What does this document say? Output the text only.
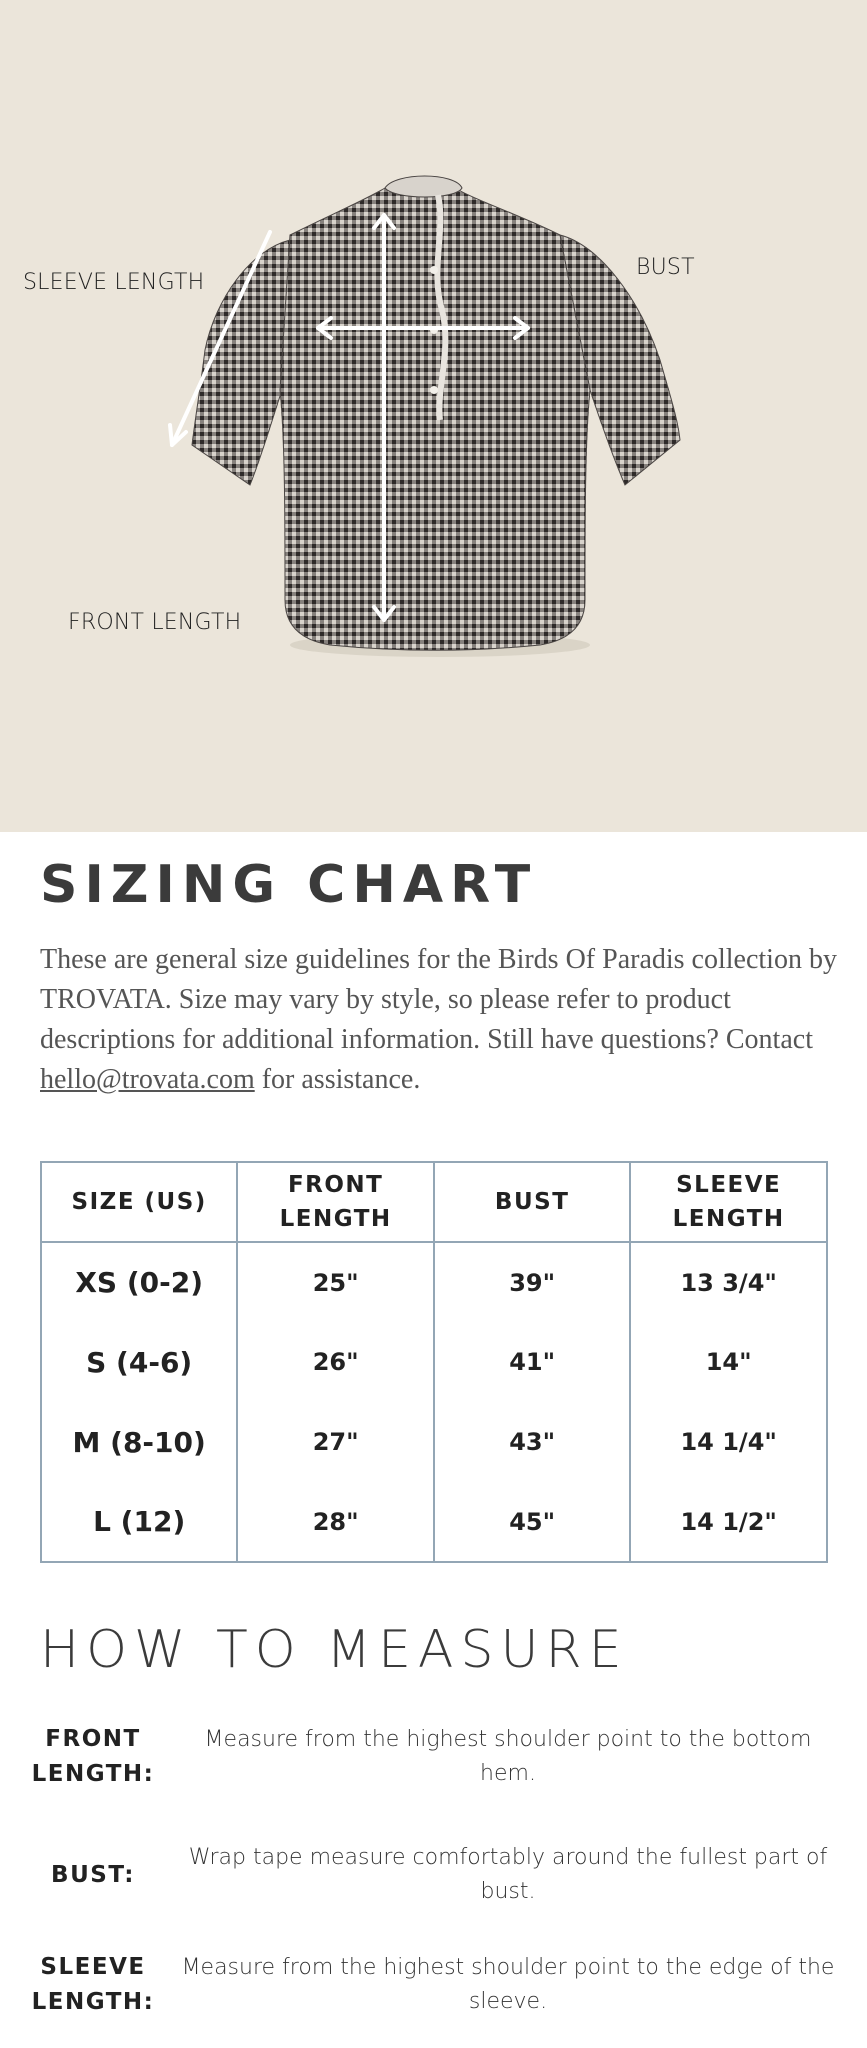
SLEEVE LENGTH
BUST
FRONT LENGTH
SIZING CHART

These are general size guidelines for the Birds Of Paradis collection by TROVATA. Size may vary by style, so please refer to product descriptions for additional information. Still have questions? Contact hello@trovata.com for assistance.

SIZE (US)	FRONT LENGTH	BUST	SLEEVE LENGTH
XS (0-2)	25"	39"	13 3/4"
S (4-6)	26"	41"	14"
M (8-10)	27"	43"	14 1/4"
L (12)	28"	45"	14 1/2"
HOW TO MEASURE
FRONT LENGTH:
Measure from the highest shoulder point to the bottom hem.
BUST:
Wrap tape measure comfortably around the fullest part of bust.
SLEEVE LENGTH:
Measure from the highest shoulder point to the edge of the sleeve.
